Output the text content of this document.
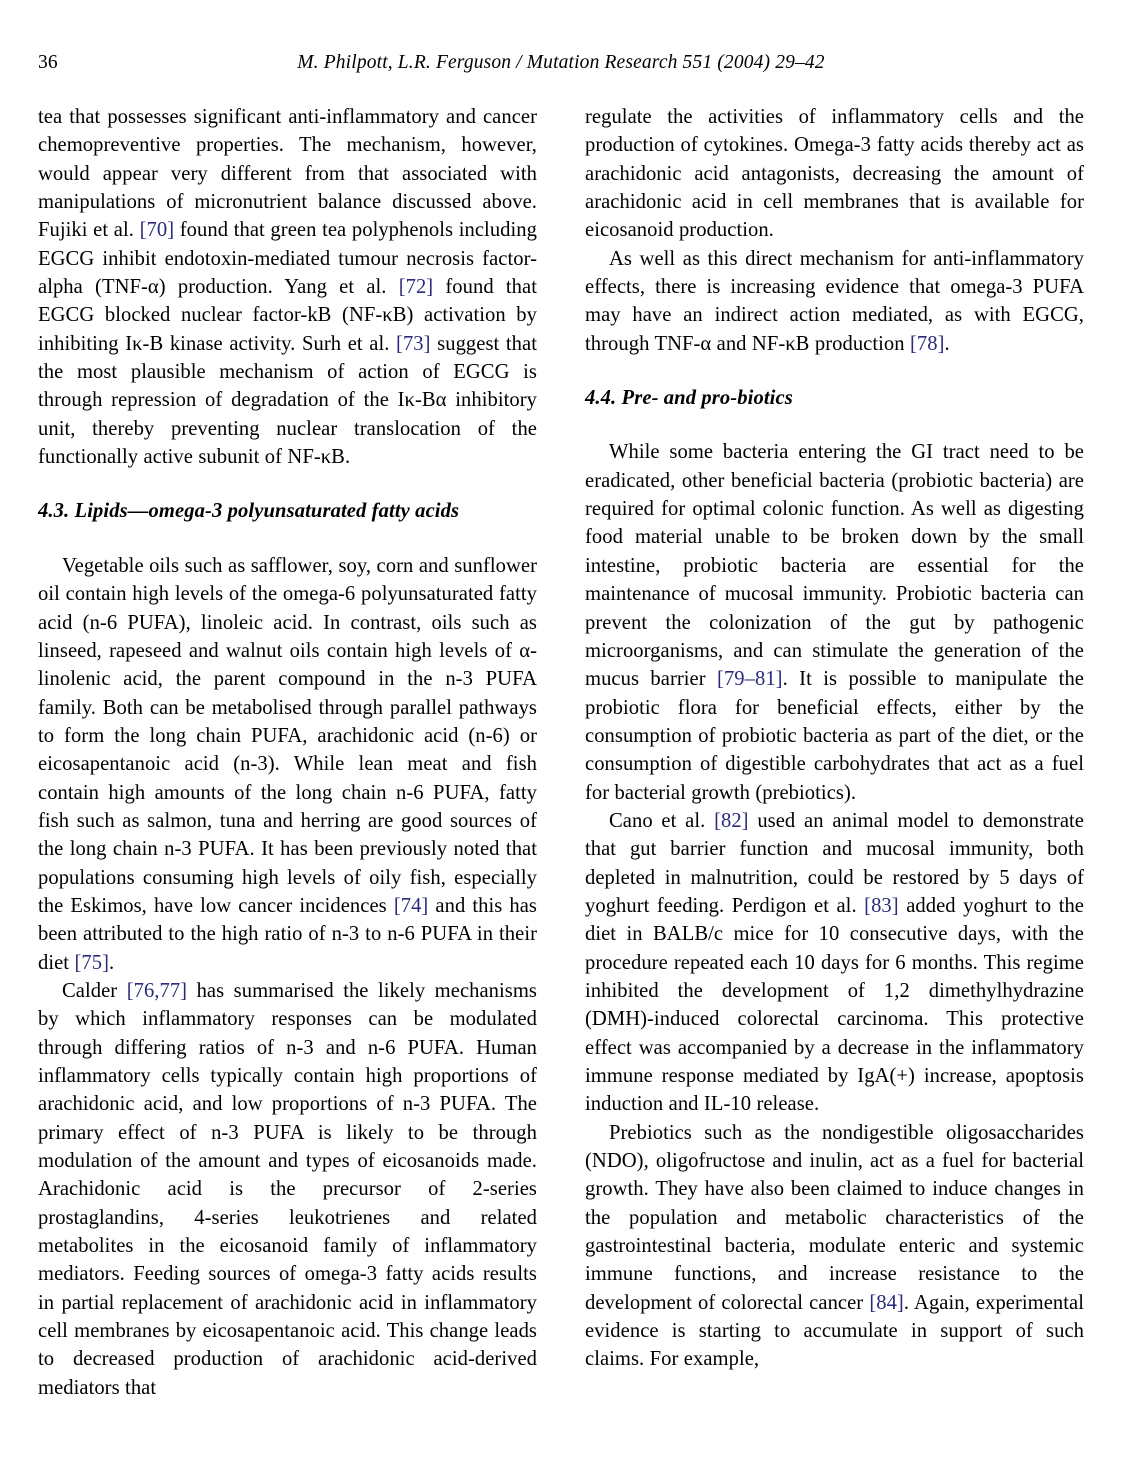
36	M. Philpott, L.R. Ferguson / Mutation Research 551 (2004) 29–42

tea that possesses significant anti-inflammatory and cancer chemopreventive properties. The mechanism, however, would appear very different from that associated with manipulations of micronutrient balance discussed above. Fujiki et al. [70] found that green tea polyphenols including EGCG inhibit endotoxin-mediated tumour necrosis factor-alpha (TNF-α) production. Yang et al. [72] found that EGCG blocked nuclear factor-kB (NF-κB) activation by inhibiting Iκ-B kinase activity. Surh et al. [73] suggest that the most plausible mechanism of action of EGCG is through repression of degradation of the Iκ-Bα inhibitory unit, thereby preventing nuclear translocation of the functionally active subunit of NF-κB.

4.3. Lipids—omega-3 polyunsaturated fatty acids

Vegetable oils such as safflower, soy, corn and sunflower oil contain high levels of the omega-6 polyunsaturated fatty acid (n-6 PUFA), linoleic acid. In contrast, oils such as linseed, rapeseed and walnut oils contain high levels of α-linolenic acid, the parent compound in the n-3 PUFA family. Both can be metabolised through parallel pathways to form the long chain PUFA, arachidonic acid (n-6) or eicosapentanoic acid (n-3). While lean meat and fish contain high amounts of the long chain n-6 PUFA, fatty fish such as salmon, tuna and herring are good sources of the long chain n-3 PUFA. It has been previously noted that populations consuming high levels of oily fish, especially the Eskimos, have low cancer incidences [74] and this has been attributed to the high ratio of n-3 to n-6 PUFA in their diet [75].

Calder [76,77] has summarised the likely mechanisms by which inflammatory responses can be modulated through differing ratios of n-3 and n-6 PUFA. Human inflammatory cells typically contain high proportions of arachidonic acid, and low proportions of n-3 PUFA. The primary effect of n-3 PUFA is likely to be through modulation of the amount and types of eicosanoids made. Arachidonic acid is the precursor of 2-series prostaglandins, 4-series leukotrienes and related metabolites in the eicosanoid family of inflammatory mediators. Feeding sources of omega-3 fatty acids results in partial replacement of arachidonic acid in inflammatory cell membranes by eicosapentanoic acid. This change leads to decreased production of arachidonic acid-derived mediators that

regulate the activities of inflammatory cells and the production of cytokines. Omega-3 fatty acids thereby act as arachidonic acid antagonists, decreasing the amount of arachidonic acid in cell membranes that is available for eicosanoid production.

As well as this direct mechanism for anti-inflammatory effects, there is increasing evidence that omega-3 PUFA may have an indirect action mediated, as with EGCG, through TNF-α and NF-κB production [78].

4.4. Pre- and pro-biotics

While some bacteria entering the GI tract need to be eradicated, other beneficial bacteria (probiotic bacteria) are required for optimal colonic function. As well as digesting food material unable to be broken down by the small intestine, probiotic bacteria are essential for the maintenance of mucosal immunity. Probiotic bacteria can prevent the colonization of the gut by pathogenic microorganisms, and can stimulate the generation of the mucus barrier [79–81]. It is possible to manipulate the probiotic flora for beneficial effects, either by the consumption of probiotic bacteria as part of the diet, or the consumption of digestible carbohydrates that act as a fuel for bacterial growth (prebiotics).

Cano et al. [82] used an animal model to demonstrate that gut barrier function and mucosal immunity, both depleted in malnutrition, could be restored by 5 days of yoghurt feeding. Perdigon et al. [83] added yoghurt to the diet in BALB/c mice for 10 consecutive days, with the procedure repeated each 10 days for 6 months. This regime inhibited the development of 1,2 dimethylhydrazine (DMH)-induced colorectal carcinoma. This protective effect was accompanied by a decrease in the inflammatory immune response mediated by IgA(+) increase, apoptosis induction and IL-10 release.

Prebiotics such as the nondigestible oligosaccharides (NDO), oligofructose and inulin, act as a fuel for bacterial growth. They have also been claimed to induce changes in the population and metabolic characteristics of the gastrointestinal bacteria, modulate enteric and systemic immune functions, and increase resistance to the development of colorectal cancer [84]. Again, experimental evidence is starting to accumulate in support of such claims. For example,
